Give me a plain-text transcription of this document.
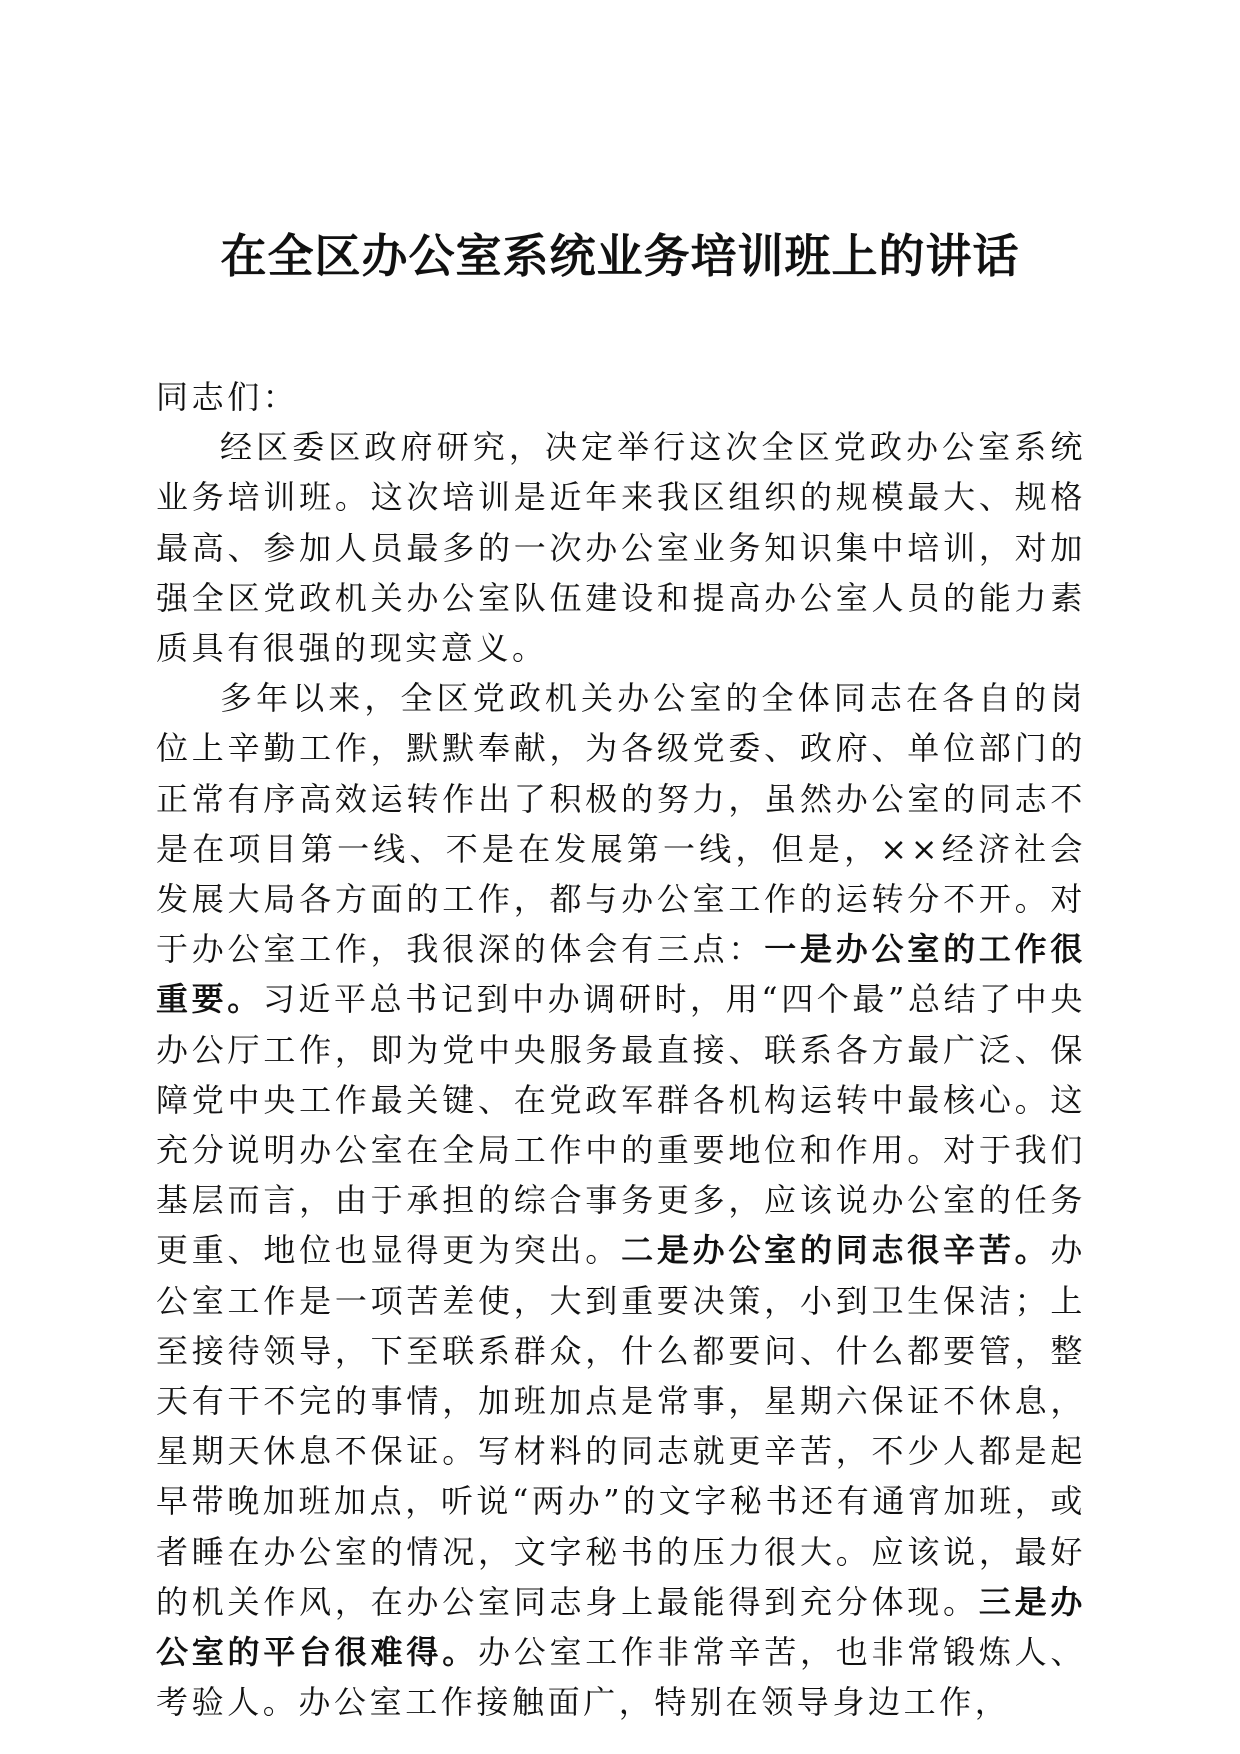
在全区办公室系统业务培训班上的讲话

同志们：

经区委区政府研究，决定举行这次全区党政办公室系统业务培训班。这次培训是近年来我区组织的规模最大、规格最高、参加人员最多的一次办公室业务知识集中培训，对加强全区党政机关办公室队伍建设和提高办公室人员的能力素质具有很强的现实意义。

多年以来，全区党政机关办公室的全体同志在各自的岗位上辛勤工作，默默奉献，为各级党委、政府、单位部门的正常有序高效运转作出了积极的努力，虽然办公室的同志不是在项目第一线、不是在发展第一线，但是，××经济社会发展大局各方面的工作，都与办公室工作的运转分不开。对于办公室工作，我很深的体会有三点：一是办公室的工作很重要。习近平总书记到中办调研时，用“四个最”总结了中央办公厅工作，即为党中央服务最直接、联系各方最广泛、保障党中央工作最关键、在党政军群各机构运转中最核心。这充分说明办公室在全局工作中的重要地位和作用。对于我们基层而言，由于承担的综合事务更多，应该说办公室的任务更重、地位也显得更为突出。二是办公室的同志很辛苦。办公室工作是一项苦差使，大到重要决策，小到卫生保洁；上至接待领导，下至联系群众，什么都要问、什么都要管，整天有干不完的事情，加班加点是常事，星期六保证不休息，星期天休息不保证。写材料的同志就更辛苦，不少人都是起早带晚加班加点，听说“两办”的文字秘书还有通宵加班，或者睡在办公室的情况，文字秘书的压力很大。应该说，最好的机关作风，在办公室同志身上最能得到充分体现。三是办公室的平台很难得。办公室工作非常辛苦，也非常锻炼人、考验人。办公室工作接触面广，特别在领导身边工作，
